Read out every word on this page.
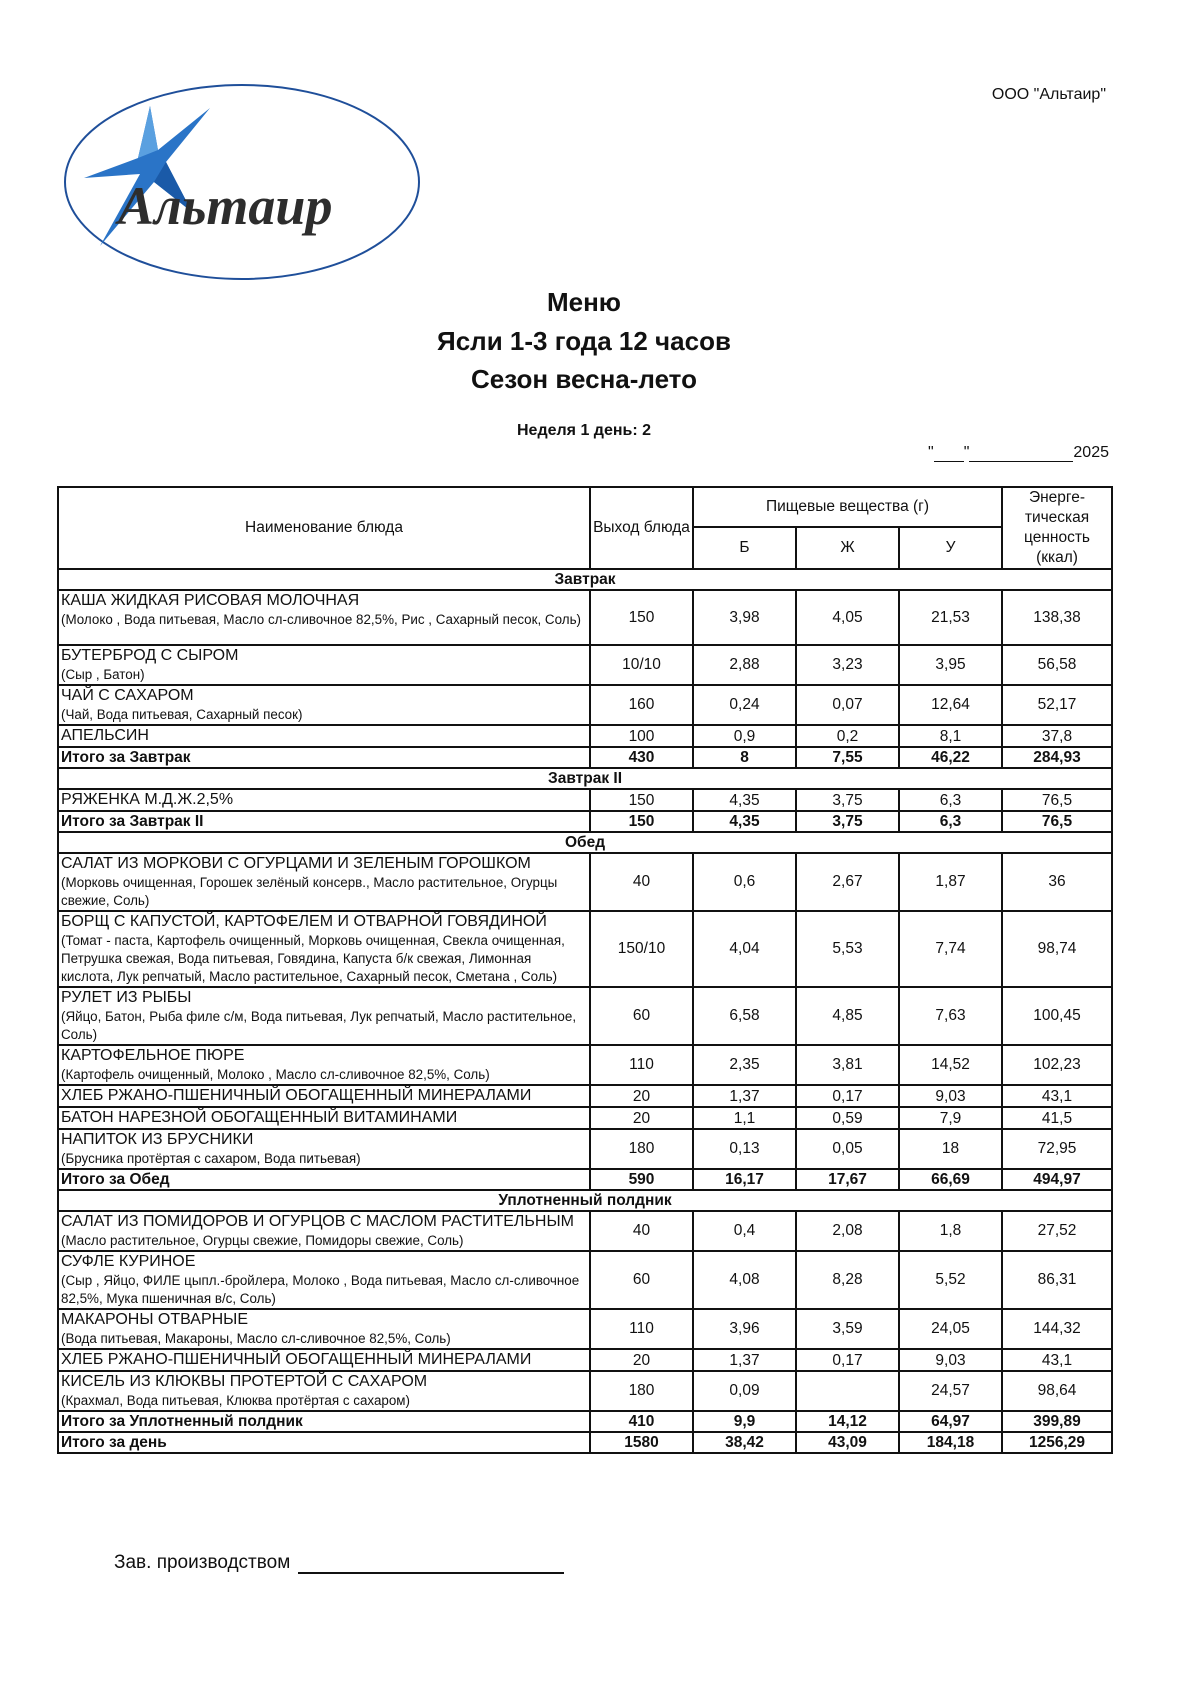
Альтаир
ООО "Альтаир"
Меню
Ясли 1-3 года 12 часов
Сезон весна-лето
Неделя 1 день: 2
" "	2025
Наименование блюда	Выход блюда	Пищевые вещества (г)			Энерге-тическая ценность (ккал)
		Б	Ж	У	
Завтрак					

КАША ЖИДКАЯ РИСОВАЯ МОЛОЧНАЯ
(Молоко , Вода питьевая, Масло сл-сливочное 82,5%, Рис , Сахарный песок, Соль)	150	3,98	4,05	21,53	138,38

БУТЕРБРОД С СЫРОМ
(Сыр , Батон)	10/10	2,88	3,23	3,95	56,58

ЧАЙ С САХАРОМ
(Чай, Вода питьевая, Сахарный песок)	160	0,24	0,07	12,64	52,17

АПЕЛЬСИН	100	0,9	0,2	8,1	37,8
Итого за Завтрак	430	8	7,55	46,22	284,93
Завтрак II					

РЯЖЕНКА М.Д.Ж.2,5%	150	4,35	3,75	6,3	76,5
Итого за Завтрак II	150	4,35	3,75	6,3	76,5
Обед					

САЛАТ ИЗ МОРКОВИ С ОГУРЦАМИ И ЗЕЛЕНЫМ ГОРОШКОМ
(Морковь очищенная, Горошек зелёный консерв., Масло растительное, Огурцы свежие, Соль)	40	0,6	2,67	1,87	36

БОРЩ С КАПУСТОЙ, КАРТОФЕЛЕМ И ОТВАРНОЙ ГОВЯДИНОЙ
(Томат - паста, Картофель очищенный, Морковь очищенная, Свекла очищенная, Петрушка свежая, Вода питьевая, Говядина, Капуста б/к свежая, Лимонная кислота, Лук репчатый, Масло растительное, Сахарный песок, Сметана , Соль)	150/10	4,04	5,53	7,74	98,74

РУЛЕТ ИЗ РЫБЫ
(Яйцо, Батон, Рыба филе с/м, Вода питьевая, Лук репчатый, Масло растительное, Соль)	60	6,58	4,85	7,63	100,45

КАРТОФЕЛЬНОЕ ПЮРЕ
(Картофель очищенный, Молоко , Масло сл-сливочное 82,5%, Соль)	110	2,35	3,81	14,52	102,23

ХЛЕБ РЖАНО-ПШЕНИЧНЫЙ ОБОГАЩЕННЫЙ МИНЕРАЛАМИ	20	1,37	0,17	9,03	43,1

БАТОН НАРЕЗНОЙ ОБОГАЩЕННЫЙ ВИТАМИНАМИ	20	1,1	0,59	7,9	41,5

НАПИТОК ИЗ БРУСНИКИ
(Брусника протёртая с сахаром, Вода питьевая)	180	0,13	0,05	18	72,95
Итого за Обед	590	16,17	17,67	66,69	494,97
Уплотненный полдник					

САЛАТ ИЗ ПОМИДОРОВ И ОГУРЦОВ С МАСЛОМ РАСТИТЕЛЬНЫМ
(Масло растительное, Огурцы свежие, Помидоры свежие, Соль)	40	0,4	2,08	1,8	27,52

СУФЛЕ КУРИНОЕ
(Сыр , Яйцо, ФИЛЕ цыпл.-бройлера, Молоко , Вода питьевая, Масло сл-сливочное 82,5%, Мука пшеничная в/с, Соль)	60	4,08	8,28	5,52	86,31

МАКАРОНЫ ОТВАРНЫЕ
(Вода питьевая, Макароны, Масло сл-сливочное 82,5%, Соль)	110	3,96	3,59	24,05	144,32

ХЛЕБ РЖАНО-ПШЕНИЧНЫЙ ОБОГАЩЕННЫЙ МИНЕРАЛАМИ	20	1,37	0,17	9,03	43,1

КИСЕЛЬ ИЗ КЛЮКВЫ ПРОТЕРТОЙ С САХАРОМ
(Крахмал, Вода питьевая, Клюква протёртая с сахаром)	180	0,09		24,57	98,64
Итого за Уплотненный полдник	410	9,9	14,12	64,97	399,89
Итого за день	1580	38,42	43,09	184,18	1256,29
Зав. производством
